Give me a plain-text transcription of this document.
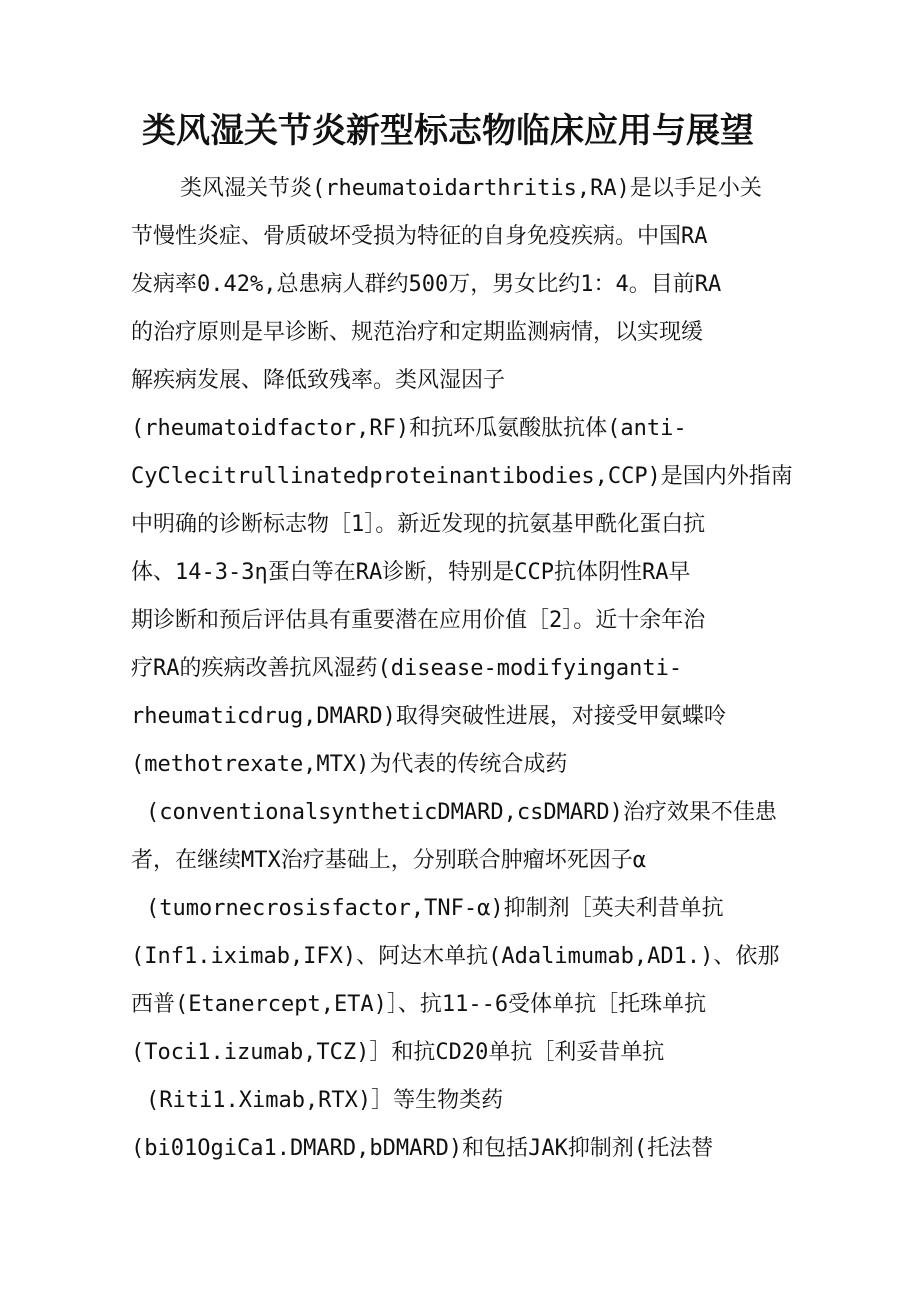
类风湿关节炎新型标志物临床应用与展望

类风湿关节炎(rheumatoidarthritis,RA)是以手足小关

节慢性炎症、骨质破坏受损为特征的自身免疫疾病。中国RA

发病率0.42%,总患病人群约500万，男女比约1：4。目前RA

的治疗原则是早诊断、规范治疗和定期监测病情，以实现缓

解疾病发展、降低致残率。类风湿因子

(rheumatoidfactor,RF)和抗环瓜氨酸肽抗体(anti-

CyClecitrullinatedproteinantibodies,CCP)是国内外指南

中明确的诊断标志物［1］。新近发现的抗氨基甲酰化蛋白抗

体、14-3-3η蛋白等在RA诊断，特别是CCP抗体阴性RA早

期诊断和预后评估具有重要潜在应用价值［2］。近十余年治

疗RA的疾病改善抗风湿药(disease-modifyinganti-

rheumaticdrug,DMARD)取得突破性进展，对接受甲氨蝶呤

(methotrexate,MTX)为代表的传统合成药

(conventionalsyntheticDMARD,csDMARD)治疗效果不佳患

者，在继续MTX治疗基础上，分别联合肿瘤坏死因子α

(tumornecrosisfactor,TNF-α)抑制剂［英夫利昔单抗

(Inf1.iximab,IFX)、阿达木单抗(Adalimumab,AD1.)、依那

西普(Etanercept,ETA)］、抗11--6受体单抗［托珠单抗

(Toci1.izumab,TCZ)］和抗CD20单抗［利妥昔单抗

(Riti1.Ximab,RTX)］等生物类药

(bi01OgiCa1.DMARD,bDMARD)和包括JAK抑制剂(托法替
